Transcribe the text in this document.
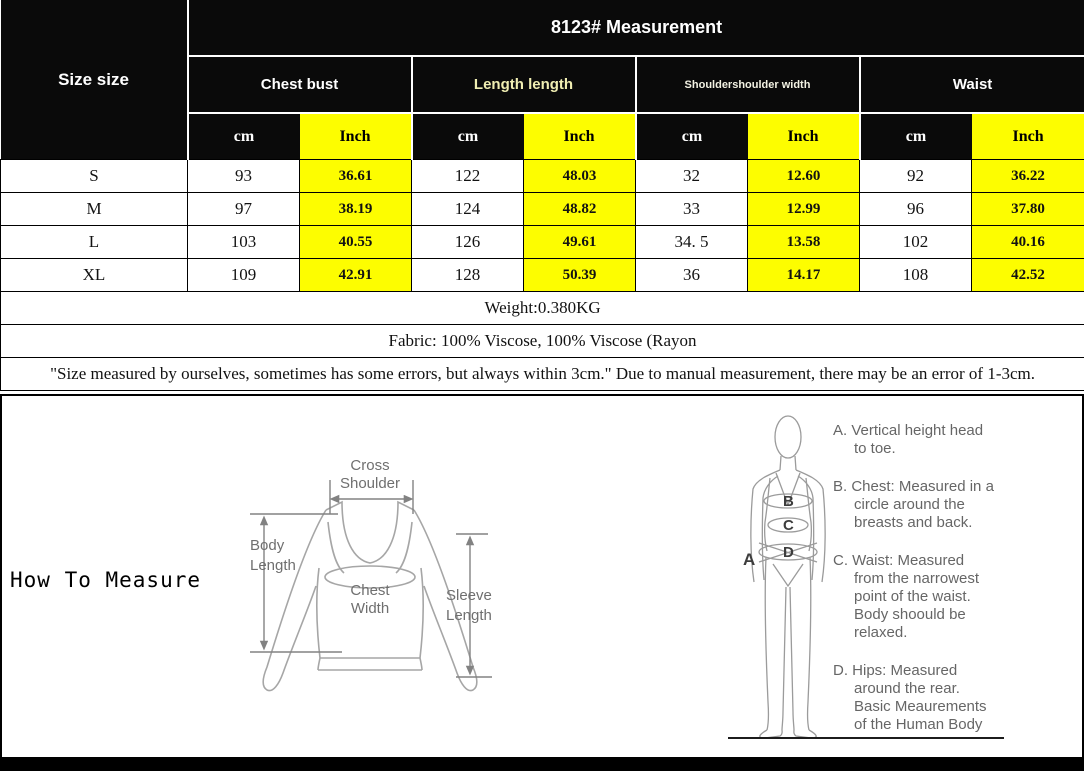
Size size	8123# Measurement							
	Chest bust		Length length		Shouldershoulder width		Waist	
	cm	Inch	cm	Inch	cm	Inch	cm	Inch
S	93	36.61	122	48.03	32	12.60	92	36.22
M	97	38.19	124	48.82	33	12.99	96	37.80
L	103	40.55	126	49.61	34. 5	13.58	102	40.16
XL	109	42.91	128	50.39	36	14.17	108	42.52
Weight:0.380KG								
Fabric: 100% Viscose, 100% Viscose (Rayon								
"Size measured by ourselves, sometimes has some errors, but always within 3cm." Due to manual measurement, there may be an error of 1-3cm.								
How To Measure
Cross
Shoulder
Body
Length
Chest
Width
Sleeve
Length
A
B
C
D
A. Vertical height head
to toe.
B. Chest: Measured in a
circle around the
breasts and back.
C. Waist: Measured
from the narrowest
point of the waist.
Body shoould be
relaxed.
D. Hips: Measured
around the rear.
Basic Meaurements
of the Human Body
